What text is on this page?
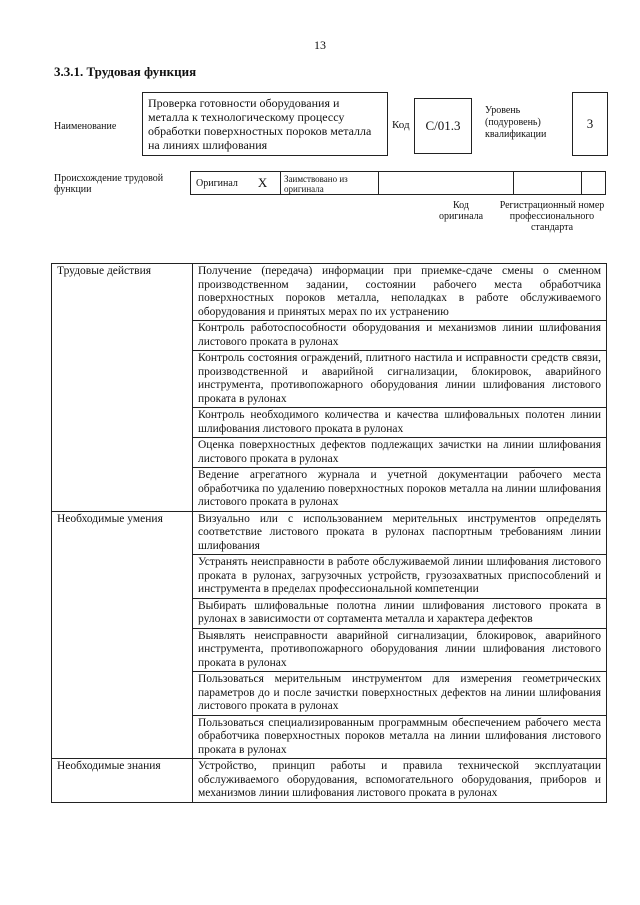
13
3.3.1. Трудовая функция
Наименование
Проверка готовности оборудования и металла к технологическому процессу обработки поверхностных пороков металла на линиях шлифования
Код С/01.3
Уровень (подуровень) квалификации
3
Происхождение трудовой функции
Оригинал X	Заимствовано из оригинала
Код оригинала
Регистрационный номер профессионального стандарта
Трудовые действия	Получение (передача) информации при приемке-сдаче смены о сменном производственном задании, состоянии рабочего места обработчика поверхностных пороков металла, неполадках в работе обслуживаемого оборудования и принятых мерах по их устранению
	Контроль работоспособности оборудования и механизмов линии шлифования листового проката в рулонах
	Контроль состояния ограждений, плитного настила и исправности средств связи, производственной и аварийной сигнализации, блокировок, аварийного инструмента, противопожарного оборудования линии шлифования листового проката в рулонах
	Контроль необходимого количества и качества шлифовальных полотен линии шлифования листового проката в рулонах
	Оценка поверхностных дефектов подлежащих зачистки на линии шлифования листового проката в рулонах
	Ведение агрегатного журнала и учетной документации рабочего места обработчика по удалению поверхностных пороков металла на линии шлифования листового проката в рулонах
Необходимые умения	Визуально или с использованием мерительных инструментов определять соответствие листового проката в рулонах паспортным требованиям линии шлифования
	Устранять неисправности в работе обслуживаемой линии шлифования листового проката в рулонах, загрузочных устройств, грузозахватных приспособлений и инструмента в пределах профессиональной компетенции
	Выбирать шлифовальные полотна линии шлифования листового проката в рулонах в зависимости от сортамента металла и характера дефектов
	Выявлять неисправности аварийной сигнализации, блокировок, аварийного инструмента, противопожарного оборудования линии шлифования листового проката в рулонах
	Пользоваться мерительным инструментом для измерения геометрических параметров до и после зачистки поверхностных дефектов на линии шлифования листового проката в рулонах
	Пользоваться специализированным программным обеспечением рабочего места обработчика поверхностных пороков металла на линии шлифования листового проката в рулонах
Необходимые знания	Устройство, принцип работы и правила технической эксплуатации обслуживаемого оборудования, вспомогательного оборудования, приборов и механизмов линии шлифования листового проката в рулонах
